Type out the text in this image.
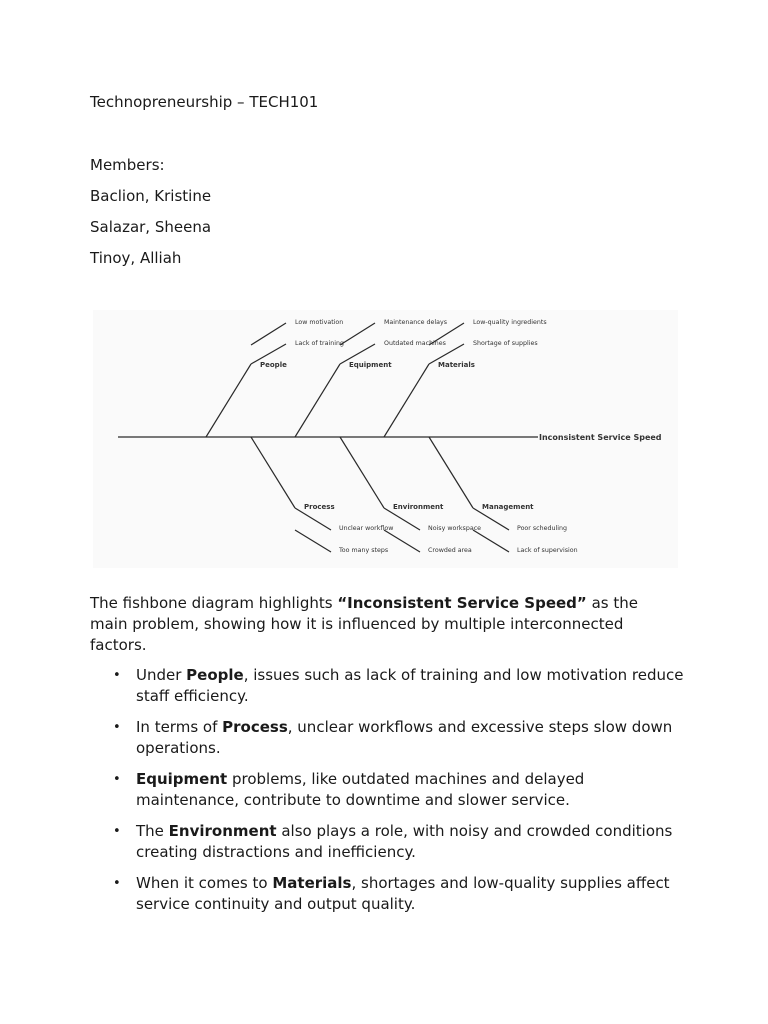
Technopreneurship – TECH101

Members:

Baclion, Kristine

Salazar, Sheena

Tinoy, Alliah

Inconsistent Service Speed
People	Equipment	Materials
Process	Environment	Management
Low motivation
Lack of training
Maintenance delays
Outdated machines
Low-quality ingredients
Shortage of supplies
Unclear workflow
Too many steps
Noisy workspace
Crowded area
Poor scheduling
Lack of supervision

The fishbone diagram highlights “Inconsistent Service Speed” as the main problem, showing how it is influenced by multiple interconnected factors.

• Under People, issues such as lack of training and low motivation reduce staff efficiency.
• In terms of Process, unclear workflows and excessive steps slow down operations.
• Equipment problems, like outdated machines and delayed maintenance, contribute to downtime and slower service.
• The Environment also plays a role, with noisy and crowded conditions creating distractions and inefficiency.
• When it comes to Materials, shortages and low-quality supplies affect service continuity and output quality.
